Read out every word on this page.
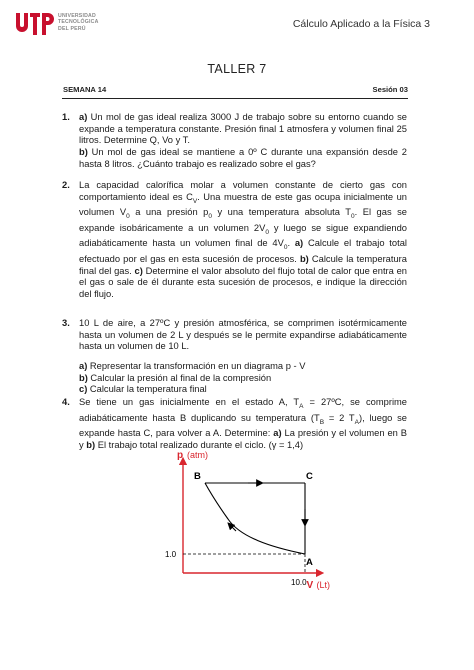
UNIVERSIDAD
TECNOLÓGICA
DEL PERÚ	Cálculo Aplicado a la Física 3
TALLER 7
SEMANA 14	Sesión 03
1. a) Un mol de gas ideal realiza 3000 J de trabajo sobre su entorno cuando se expande a temperatura constante. Presión final 1 atmosfera y volumen final 25 litros. Determine Q, Vo y T.
b) Un mol de gas ideal se mantiene a 0º C durante una expansión desde 2 hasta 8 litros. ¿Cuánto trabajo es realizado sobre el gas?
2. La capacidad calorífica molar a volumen constante de cierto gas con comportamiento ideal es $C_V$. Una muestra de este gas ocupa inicialmente un volumen $V_0$ a una presión $p_0$ y una temperatura absoluta $T_0$. El gas se expande isobáricamente a un volumen $2V_0$ y luego se sigue expandiendo adiabáticamente hasta un volumen final de $4V_0$. a) Calcule el trabajo total efectuado por el gas en esta sucesión de procesos. b) Calcule la temperatura final del gas. c) Determine el valor absoluto del flujo total de calor que entra en el gas o sale de él durante esta sucesión de procesos, e indique la dirección del flujo.
3. 10 L de aire, a 27ºC y presión atmosférica, se comprimen isotérmicamente hasta un volumen de 2 L y después se le permite expandirse adiabáticamente hasta un volumen de 10 L.
a) Representar la transformación en un diagrama p - V
b) Calcular la presión al final de la compresión
c) Calcular la temperatura final
4. Se tiene un gas inicialmente en el estado A, $T_A$ = 27ºC, se comprime adiabáticamente hasta B duplicando su temperatura ($T_B = 2$ $T_A$), luego se expande hasta C, para volver a A. Determine: a) La presión y el volumen en B y b) El trabajo total realizado durante el ciclo. (γ = 1,4)
p (atm)
B	C
A
1.0
10.0 V (Lt)
